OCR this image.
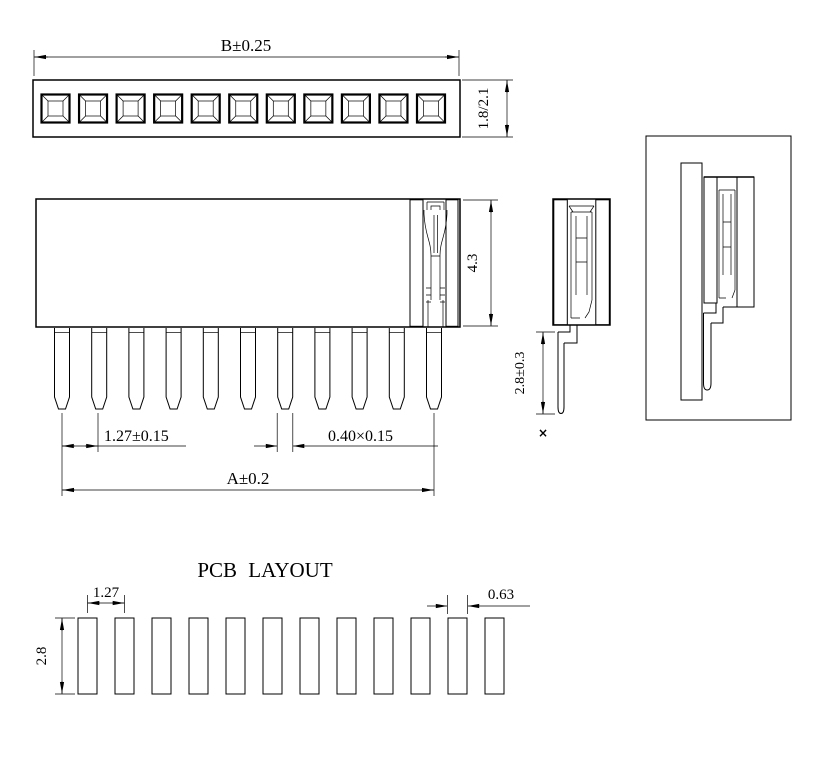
B±0.25
1.8/2.1
4.3
1.27±0.15	0.40×0.15
A±0.2
2.8±0.3
×
PCB LAYOUT
1.27	0.63
2.8
